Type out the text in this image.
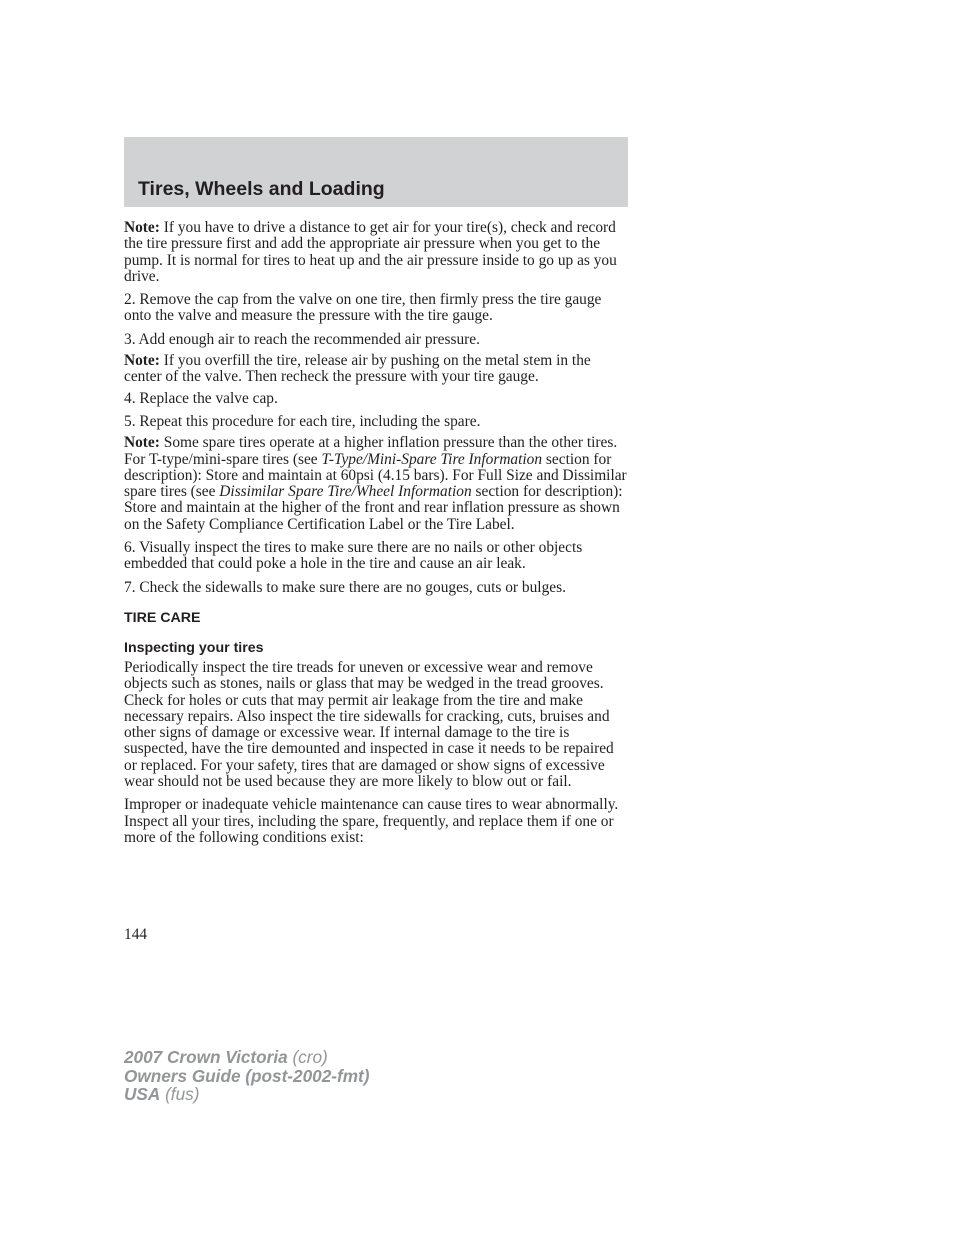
Tires, Wheels and Loading

Note: If you have to drive a distance to get air for your tire(s), check and record the tire pressure first and add the appropriate air pressure when you get to the pump. It is normal for tires to heat up and the air pressure inside to go up as you drive.

2. Remove the cap from the valve on one tire, then firmly press the tire gauge onto the valve and measure the pressure with the tire gauge.

3. Add enough air to reach the recommended air pressure.

Note: If you overfill the tire, release air by pushing on the metal stem in the center of the valve. Then recheck the pressure with your tire gauge.

4. Replace the valve cap.

5. Repeat this procedure for each tire, including the spare.

Note: Some spare tires operate at a higher inflation pressure than the other tires. For T-type/mini-spare tires (see T-Type/Mini-Spare Tire Information section for description): Store and maintain at 60psi (4.15 bars). For Full Size and Dissimilar spare tires (see Dissimilar Spare Tire/Wheel Information section for description): Store and maintain at the higher of the front and rear inflation pressure as shown on the Safety Compliance Certification Label or the Tire Label.

6. Visually inspect the tires to make sure there are no nails or other objects embedded that could poke a hole in the tire and cause an air leak.

7. Check the sidewalls to make sure there are no gouges, cuts or bulges.

TIRE CARE
Inspecting your tires

Periodically inspect the tire treads for uneven or excessive wear and remove objects such as stones, nails or glass that may be wedged in the tread grooves. Check for holes or cuts that may permit air leakage from the tire and make necessary repairs. Also inspect the tire sidewalls for cracking, cuts, bruises and other signs of damage or excessive wear. If internal damage to the tire is suspected, have the tire demounted and inspected in case it needs to be repaired or replaced. For your safety, tires that are damaged or show signs of excessive wear should not be used because they are more likely to blow out or fail.

Improper or inadequate vehicle maintenance can cause tires to wear abnormally. Inspect all your tires, including the spare, frequently, and replace them if one or more of the following conditions exist:

144
2007 Crown Victoria (cro)
Owners Guide (post-2002-fmt)
USA (fus)
